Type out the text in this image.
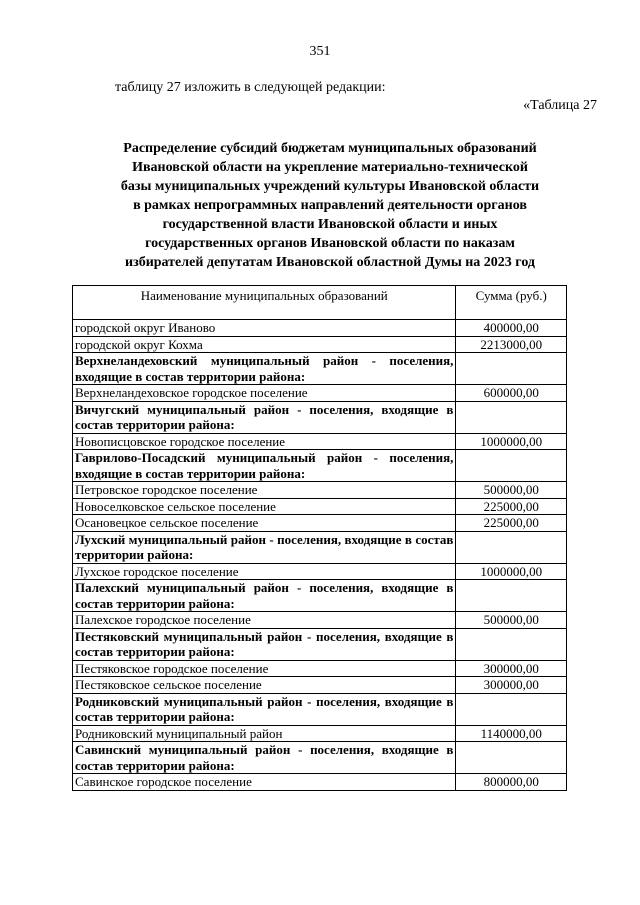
351
таблицу 27 изложить в следующей редакции:
«Таблица 27
Распределение субсидий бюджетам муниципальных образований
Ивановской области на укрепление материально-технической
базы муниципальных учреждений культуры Ивановской области
в рамках непрограммных направлений деятельности органов
государственной власти Ивановской области и иных
государственных органов Ивановской области по наказам
избирателей депутатам Ивановской областной Думы на 2023 год
Наименование муниципальных образований	Сумма (руб.)
городской округ Иваново	400000,00
городской округ Кохма	2213000,00
Верхнеландеховский муниципальный район - поселения, входящие в состав территории района:	
Верхнеландеховское городское поселение	600000,00
Вичугский муниципальный район - поселения, входящие в состав территории района:	
Новописцовское городское поселение	1000000,00
Гаврилово-Посадский муниципальный район - поселения, входящие в состав территории района:	
Петровское городское поселение	500000,00
Новоселковское сельское поселение	225000,00
Осановецкое сельское поселение	225000,00
Лухский муниципальный район - поселения, входящие в состав территории района:	
Лухское городское поселение	1000000,00
Палехский муниципальный район - поселения, входящие в состав территории района:	
Палехское городское поселение	500000,00
Пестяковский муниципальный район - поселения, входящие в состав территории района:	
Пестяковское городское поселение	300000,00
Пестяковское сельское поселение	300000,00
Родниковский муниципальный район - поселения, входящие в состав территории района:	
Родниковский муниципальный район	1140000,00
Савинский муниципальный район - поселения, входящие в состав территории района:	
Савинское городское поселение	800000,00
